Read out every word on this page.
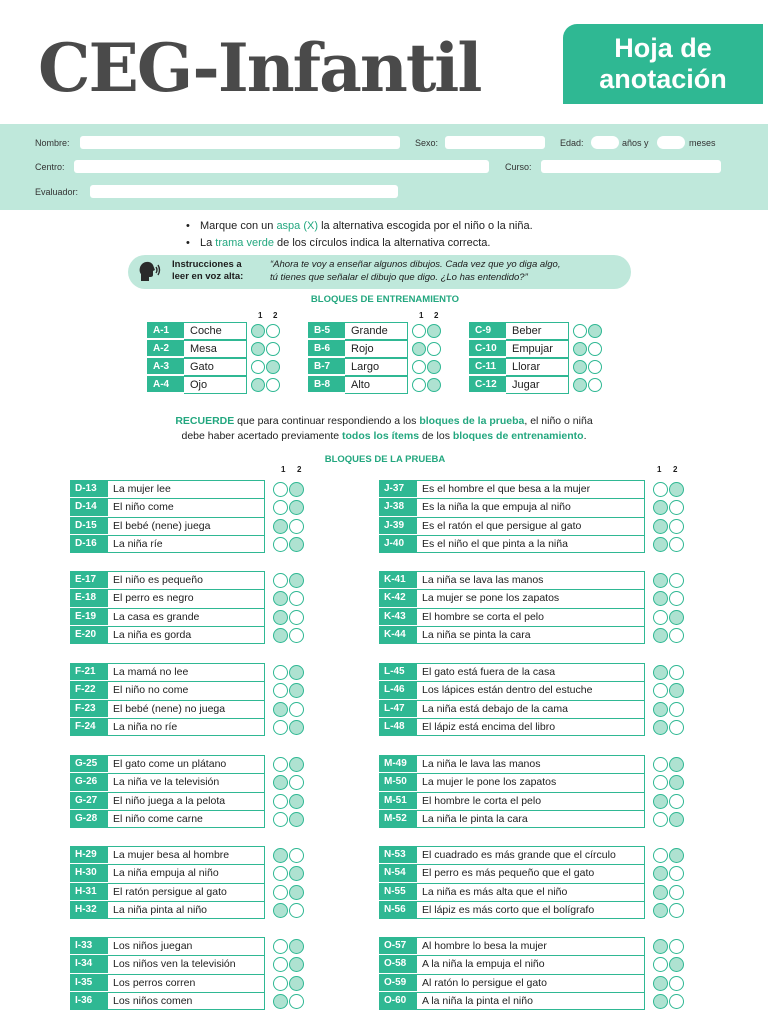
CEG-Infantil	Hoja de
anotación
Nombre:	Sexo:	Edad:	años y	meses
Centro:	Curso:
Evaluador:
• Marque con un aspa (X) la alternativa escogida por el niño o la niña.
• La trama verde de los círculos indica la alternativa correcta.
Instrucciones a
leer en voz alta:
“Ahora te voy a enseñar algunos dibujos. Cada vez que yo diga algo,
tú tienes que señalar el dibujo que digo. ¿Lo has entendido?”
BLOQUES DE ENTRENAMIENTO
A-1	Coche
A-2	Mesa
A-3	Gato
A-4	Ojo
B-5	Grande
B-6	Rojo
B-7	Largo
B-8	Alto
C-9	Beber
C-10	Empujar
C-11	Llorar
C-12	Jugar
1 2
1 2
RECUERDE que para continuar respondiendo a los bloques de la prueba, el niño o niña
debe haber acertado previamente todos los ítems de los bloques de entrenamiento.
BLOQUES DE LA PRUEBA
D-13	La mujer lee
D-14	El niño come
D-15	El bebé (nene) juega
D-16	La niña ríe
E-17	El niño es pequeño
E-18	El perro es negro
E-19	La casa es grande
E-20	La niña es gorda
F-21	La mamá no lee
F-22	El niño no come
F-23	El bebé (nene) no juega
F-24	La niña no ríe
G-25	El gato come un plátano
G-26	La niña ve la televisión
G-27	El niño juega a la pelota
G-28	El niño come carne
H-29	La mujer besa al hombre
H-30	La niña empuja al niño
H-31	El ratón persigue al gato
H-32	La niña pinta al niño
I-33	Los niños juegan
I-34	Los niños ven la televisión
I-35	Los perros corren
I-36	Los niños comen
J-37	Es el hombre el que besa a la mujer
J-38	Es la niña la que empuja al niño
J-39	Es el ratón el que persigue al gato
J-40	Es el niño el que pinta a la niña
K-41	La niña se lava las manos
K-42	La mujer se pone los zapatos
K-43	El hombre se corta el pelo
K-44	La niña se pinta la cara
L-45	El gato está fuera de la casa
L-46	Los lápices están dentro del estuche
L-47	La niña está debajo de la cama
L-48	El lápiz está encima del libro
M-49	La niña le lava las manos
M-50	La mujer le pone los zapatos
M-51	El hombre le corta el pelo
M-52	La niña le pinta la cara
N-53	El cuadrado es más grande que el círculo
N-54	El perro es más pequeño que el gato
N-55	La niña es más alta que el niño
N-56	El lápiz es más corto que el bolígrafo
O-57	Al hombre lo besa la mujer
O-58	A la niña la empuja el niño
O-59	Al ratón lo persigue el gato
O-60	A la niña la pinta el niño
1 2	1 2
